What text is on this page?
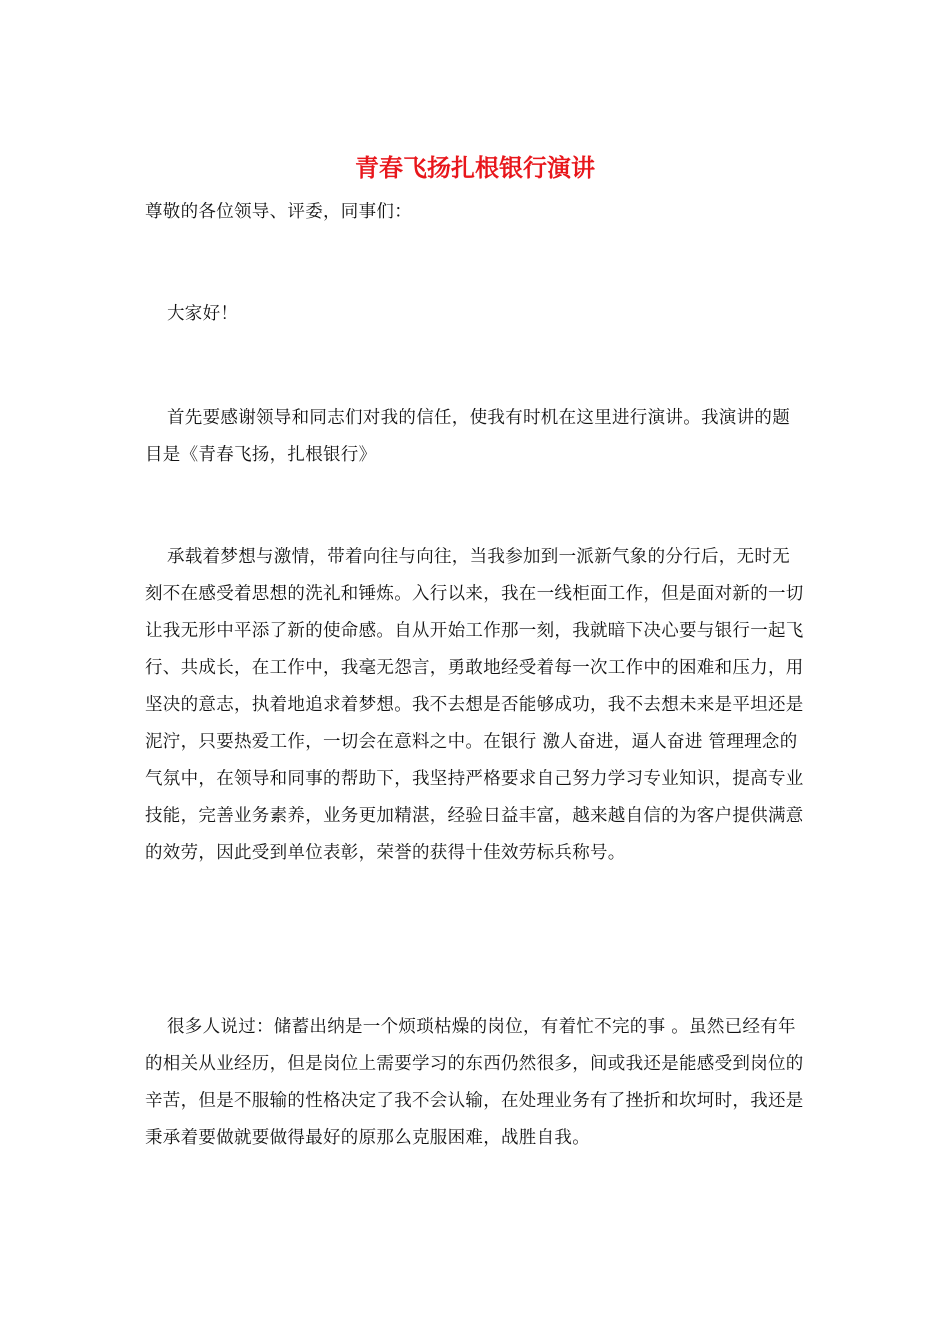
青春飞扬扎根银行演讲

尊敬的各位领导、评委，同事们：

大家好！

首先要感谢领导和同志们对我的信任，使我有时机在这里进行演讲。我演讲的题目是《青春飞扬，扎根银行》

承载着梦想与激情，带着向往与向往，当我参加到一派新气象的分行后，无时无刻不在感受着思想的洗礼和锤炼。入行以来，我在一线柜面工作，但是面对新的一切让我无形中平添了新的使命感。自从开始工作那一刻，我就暗下决心要与银行一起飞行、共成长，在工作中，我毫无怨言，勇敢地经受着每一次工作中的困难和压力，用坚决的意志，执着地追求着梦想。我不去想是否能够成功，我不去想未来是平坦还是泥泞，只要热爱工作，一切会在意料之中。在银行 激人奋进，逼人奋进 管理理念的气氛中，在领导和同事的帮助下，我坚持严格要求自己努力学习专业知识，提高专业技能，完善业务素养，业务更加精湛，经验日益丰富，越来越自信的为客户提供满意的效劳，因此受到单位表彰，荣誉的获得十佳效劳标兵称号。

很多人说过：储蓄出纳是一个烦琐枯燥的岗位，有着忙不完的事 。虽然已经有年的相关从业经历，但是岗位上需要学习的东西仍然很多，间或我还是能感受到岗位的辛苦，但是不服输的性格决定了我不会认输，在处理业务有了挫折和坎坷时，我还是秉承着要做就要做得最好的原那么克服困难，战胜自我。
